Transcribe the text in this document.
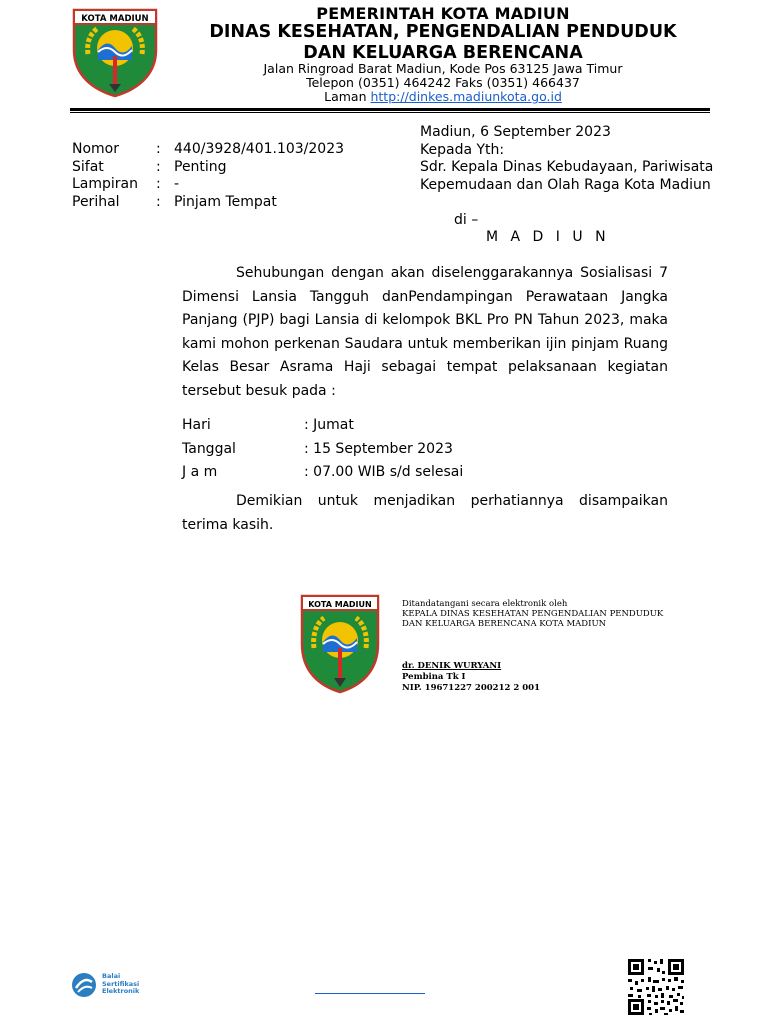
KOTA MADIUN	PEMERINTAH KOTA MADIUN
DINAS KESEHATAN, PENGENDALIAN PENDUDUK
DAN KELUARGA BERENCANA
Jalan Ringroad Barat Madiun, Kode Pos 63125 Jawa Timur
Telepon (0351) 464242 Faks (0351) 466437
Laman http://dinkes.madiunkota.go.id
Nomor	: 440/3928/401.103/2023
Sifat	: Penting
Lampiran : -
Perihal	: Pinjam Tempat
Madiun, 6 September 2023
Kepada Yth:
Sdr. Kepala Dinas Kebudayaan, Pariwisata
Kepemudaan dan Olah Raga Kota Madiun
di –
M A D I U N
Sehubungan dengan akan diselenggarakannya Sosialisasi 7 Dimensi Lansia Tangguh danPendampingan Perawataan Jangka Panjang (PJP) bagi Lansia di kelompok BKL Pro PN Tahun 2023, maka kami mohon perkenan Saudara untuk memberikan ijin pinjam Ruang Kelas Besar Asrama Haji sebagai tempat pelaksanaan kegiatan tersebut besuk pada :
Hari	: Jumat
Tanggal	: 15 September 2023
J a m	: 07.00 WIB s/d selesai
Demikian untuk menjadikan perhatiannya disampaikan terima kasih.
KOTA MADIUN	Ditandatangani secara elektronik oleh
KEPALA DINAS KESEHATAN PENGENDALIAN PENDUDUK
DAN KELUARGA BERENCANA KOTA MADIUN
dr. DENIK WURYANI
Pembina Tk I
NIP. 19671227 200212 2 001
Balai
Sertifikasi
Elektronik
